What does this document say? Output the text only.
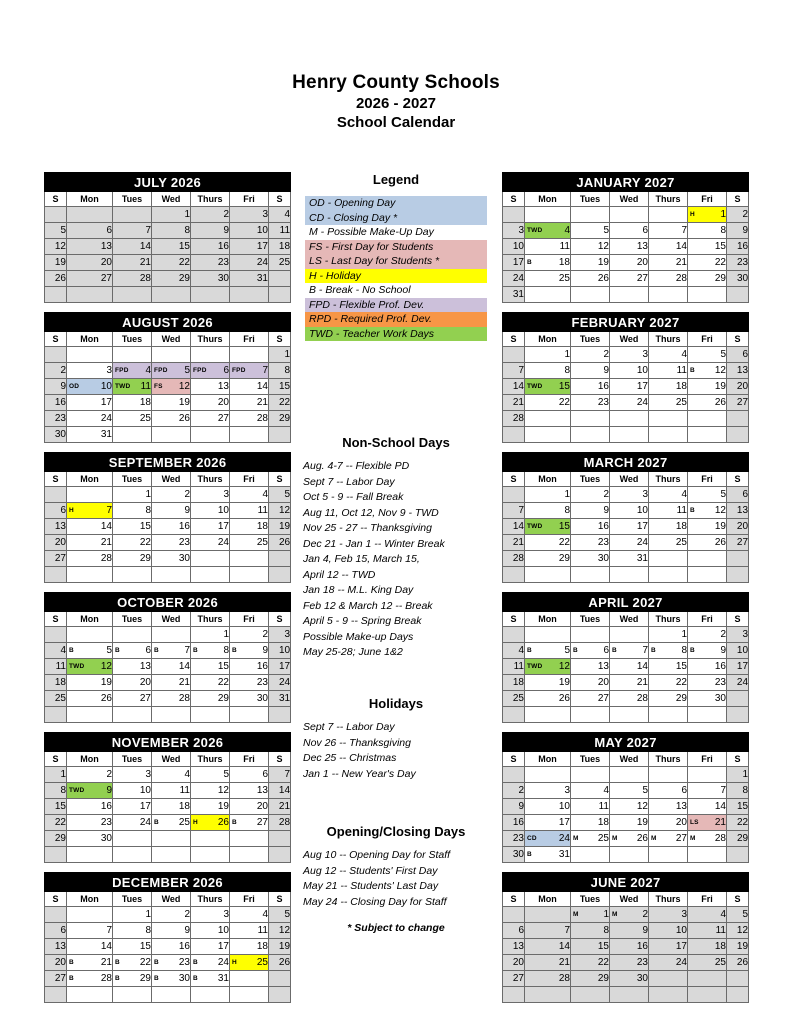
Henry County Schools
2026 - 2027
School Calendar
JULY 2026						
S	Mon	Tues	Wed	Thurs	Fri	S
			1	2	3	4
5	6	7	8	9	10	11
12	13	14	15	16	17	18
19	20	21	22	23	24	25
26	27	28	29	30	31	

AUGUST 2026						
S	Mon	Tues	Wed	Thurs	Fri	S
						1
2	3	FPD 4	FPD 5	FPD 6	FPD 7	8
9	OD 10	TWD 11	FS 12	13	14	15
16	17	18	19	20	21	22
23	24	25	26	27	28	29
30	31					
SEPTEMBER 2026						
S	Mon	Tues	Wed	Thurs	Fri	S
		1	2	3	4	5
6	H 7	8	9	10	11	12
13	14	15	16	17	18	19
20	21	22	23	24	25	26
27	28	29	30			

OCTOBER 2026						
S	Mon	Tues	Wed	Thurs	Fri	S
				1	2	3
4	B 5	B 6	B 7	B 8	B 9	10
11	TWD 12	13	14	15	16	17
18	19	20	21	22	23	24
25	26	27	28	29	30	31

NOVEMBER 2026						
S	Mon	Tues	Wed	Thurs	Fri	S
1	2	3	4	5	6	7
8	TWD 9	10	11	12	13	14
15	16	17	18	19	20	21
22	23	24	B 25	H 26	B 27	28
29	30					

DECEMBER 2026						
S	Mon	Tues	Wed	Thurs	Fri	S
		1	2	3	4	5
6	7	8	9	10	11	12
13	14	15	16	17	18	19
20	B 21	B 22	B 23	B 24	H 25	26
27	B 28	B 29	B 30	B 31		

Legend
OD - Opening Day
CD - Closing Day *
M - Possible Make-Up Day
FS - First Day for Students
LS - Last Day for Students *
H - Holiday
B - Break - No School
FPD - Flexible Prof. Dev.
RPD - Required Prof. Dev.
TWD - Teacher Work Days
Non-School Days
Aug. 4-7 -- Flexible PD
Sept 7 -- Labor Day
Oct 5 - 9 -- Fall Break
Aug 11, Oct 12, Nov 9 - TWD
Nov 25 - 27 -- Thanksgiving
Dec 21 - Jan 1 -- Winter Break
Jan 4, Feb 15, March 15,
April 12 -- TWD
Jan 18 -- M.L. King Day
Feb 12 & March 12 -- Break
April 5 - 9 -- Spring Break
Possible Make-up Days
May 25-28; June 1&2
Holidays
Sept 7 -- Labor Day
Nov 26 -- Thanksgiving
Dec 25 -- Christmas
Jan 1 -- New Year's Day
Opening/Closing Days
Aug 10 -- Opening Day for Staff
Aug 12 -- Students' First Day
May 21 -- Students' Last Day
May 24 -- Closing Day for Staff
* Subject to change
JANUARY 2027						
S	Mon	Tues	Wed	Thurs	Fri	S

					H 1	2
3	TWD 4	5	6	7	8	9
10	11	12	13	14	15	16
17	B 18	19	20	21	22	23
24	25	26	27	28	29	30
31						
FEBRUARY 2027						
S	Mon	Tues	Wed	Thurs	Fri	S
	1	2	3	4	5	6
7	8	9	10	11	B 12	13
14	TWD 15	16	17	18	19	20
21	22	23	24	25	26	27
28						

MARCH 2027						
S	Mon	Tues	Wed	Thurs	Fri	S
	1	2	3	4	5	6
7	8	9	10	11	B 12	13
14	TWD 15	16	17	18	19	20
21	22	23	24	25	26	27
28	29	30	31			

APRIL 2027						
S	Mon	Tues	Wed	Thurs	Fri	S
				1	2	3
4	B 5	B 6	B 7	B 8	B 9	10
11	TWD 12	13	14	15	16	17
18	19	20	21	22	23	24
25	26	27	28	29	30	

MAY 2027						
S	Mon	Tues	Wed	Thurs	Fri	S
						1
2	3	4	5	6	7	8
9	10	11	12	13	14	15
16	17	18	19	20	LS 21	22
23	CD 24	M 25	M 26	M 27	M 28	29
30	B 31					
JUNE 2027						
S	Mon	Tues	Wed	Thurs	Fri	S

		M 1	M 2	3	4	5
6	7	8	9	10	11	12
13	14	15	16	17	18	19
20	21	22	23	24	25	26
27	28	29	30			
